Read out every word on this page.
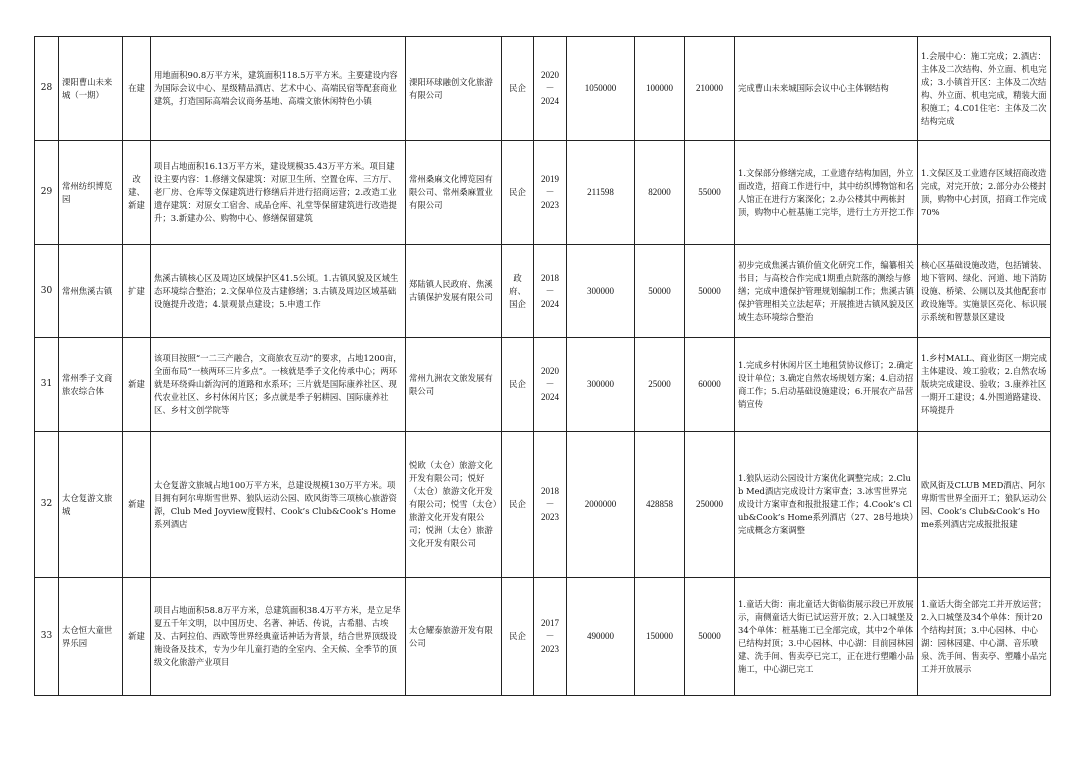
28	溧阳曹山未来城（一期）	在建	用地面积90.8万平方米，建筑面积118.5万平方米。主要建设内容为国际会议中心、星级精品酒店、艺术中心、高端民宿等配套商业建筑，打造国际高端会议商务基地、高端文旅休闲特色小镇	溧阳环球融创文化旅游有限公司	民企	2020－2024	1050000	100000	210000	完成曹山未来城国际会议中心主体钢结构	1.会展中心：施工完成；2.酒店：主体及二次结构、外立面、机电完成；3.小镇首开区：主体及二次结构、外立面、机电完成，精装大面积施工；4.C01住宅：主体及二次结构完成
29	常州纺织博览园	改建、新建	项目占地面积16.13万平方米，建设规模35.43万平方米。项目建设主要内容：1.修缮文保建筑：对原卫生所、空置仓库、三方厅、老厂房、仓库等文保建筑进行修缮后并进行招商运营；2.改造工业遗存建筑：对原女工宿舍、成品仓库、礼堂等保留建筑进行改造提升；3.新建办公、购物中心、修缮保留建筑	常州桑麻文化博览园有限公司、常州桑麻置业有限公司	民企	2019－2023	211598	82000	55000	1.文保部分修缮完成，工业遗存结构加固，外立面改造，招商工作进行中，其中纺织博物馆和名人馆正在进行方案深化；2.办公楼其中两栋封顶，购物中心桩基施工完毕，进行土方开挖工作	1.文保区及工业遗存区域招商改造完成，对完开放；2.部分办公楼封顶，购物中心封顶，招商工作完成70%
30	常州焦溪古镇	扩建	焦溪古镇核心区及周边区域保护区41.5公顷。1.古镇风貌及区域生态环境综合整治；2.文保单位及古建修缮；3.古镇及周边区域基础设施提升改造；4.景观景点建设；5.申遗工作	郑陆镇人民政府、焦溪古镇保护发展有限公司	政府、国企	2018－2024	300000	50000	50000	初步完成焦溪古镇价值文化研究工作，编纂相关书目；与高校合作完成1期重点院落的测绘与修缮；完成申遗保护管理规划编制工作；焦溪古镇保护管理相关立法起草；开展推进古镇风貌及区域生态环境综合整治	核心区基础设施改造，包括铺装、地下管网、绿化、河道、地下消防设施、桥梁、公厕以及其他配套市政设施等。实施景区亮化、标识展示系统和智慧景区建设
31	常州季子文商旅农综合体	新建	该项目按照“一二三产融合，文商旅农互动”的要求，占地1200亩，全面布局“一核两环三片多点”。一核就是季子文化传承中心；两环就是环绕舜山新沟河的道路和水系环；三片就是国际康养社区、现代农业社区、乡村休闲片区；多点就是季子躬耕园、国际康养社区、乡村文创学院等	常州九洲农文旅发展有限公司	民企	2020－2024	300000	25000	60000	1.完成乡村休闲片区土地租赁协议修订；2.确定设计单位；3.确定自然农场规划方案；4.启动招商工作；5.启动基础设施建设；6.开展农产品营销宣传	1.乡村MALL、商业街区一期完成主体建设、竣工验收；2.自然农场版块完成建设、验收；3.康养社区一期开工建设；4.外围道路建设、环境提升
32	太仓复游文旅城	新建	太仓复游文旅城占地100万平方米，总建设规模130万平方米。项目拥有阿尔卑斯雪世界、狼队运动公园、欧风街等三项核心旅游资源，Club Med Joyview度假村、Cook’s Club&Cook’s Home系列酒店	悦欧（太仓）旅游文化开发有限公司；悦好（太仓）旅游文化开发有限公司；悦雪（太仓）旅游文化开发有限公司；悦洲（太仓）旅游文化开发有限公司	民企	2018－2023	2000000	428858	250000	1.狼队运动公园设计方案优化调整完成；2.Club Med酒店完成设计方案审查；3.冰雪世界完成设计方案审查和报批报建工作；4.Cook’s Club&Cook’s Home系列酒店（27、28号地块）完成概念方案调整	欧风街及CLUB MED酒店、阿尔卑斯雪世界全面开工；狼队运动公园、Cook’s Club&Cook’s Home系列酒店完成报批报建
33	太仓恒大童世界乐园	新建	项目占地面积58.8万平方米，总建筑面积38.4万平方米，是立足华夏五千年文明，以中国历史、名著、神话、传说，古希腊、古埃及、古阿拉伯、西欧等世界经典童话神话为背景，结合世界顶级设施设备及技术，专为少年儿童打造的全室内、全天候、全季节的顶级文化旅游产业项目	太仓耀泰旅游开发有限公司	民企	2017－2023	490000	150000	50000	1.童话大街：南北童话大街临街展示段已开放展示，南侧童话大街已试运营开放；2.入口城堡及34个单体：桩基施工已全部完成，其中2个单体已结构封顶；3.中心园林、中心湖：目前园林园建、洗手间、售卖亭已完工，正在进行塑雕小品施工，中心湖已完工	1.童话大街全部完工并开放运营；2.入口城堡及34个单体：预计20个结构封顶；3.中心园林、中心湖：园林园建、中心湖、音乐喷泉、洗手间、售卖亭、塑雕小品完工并开放展示
